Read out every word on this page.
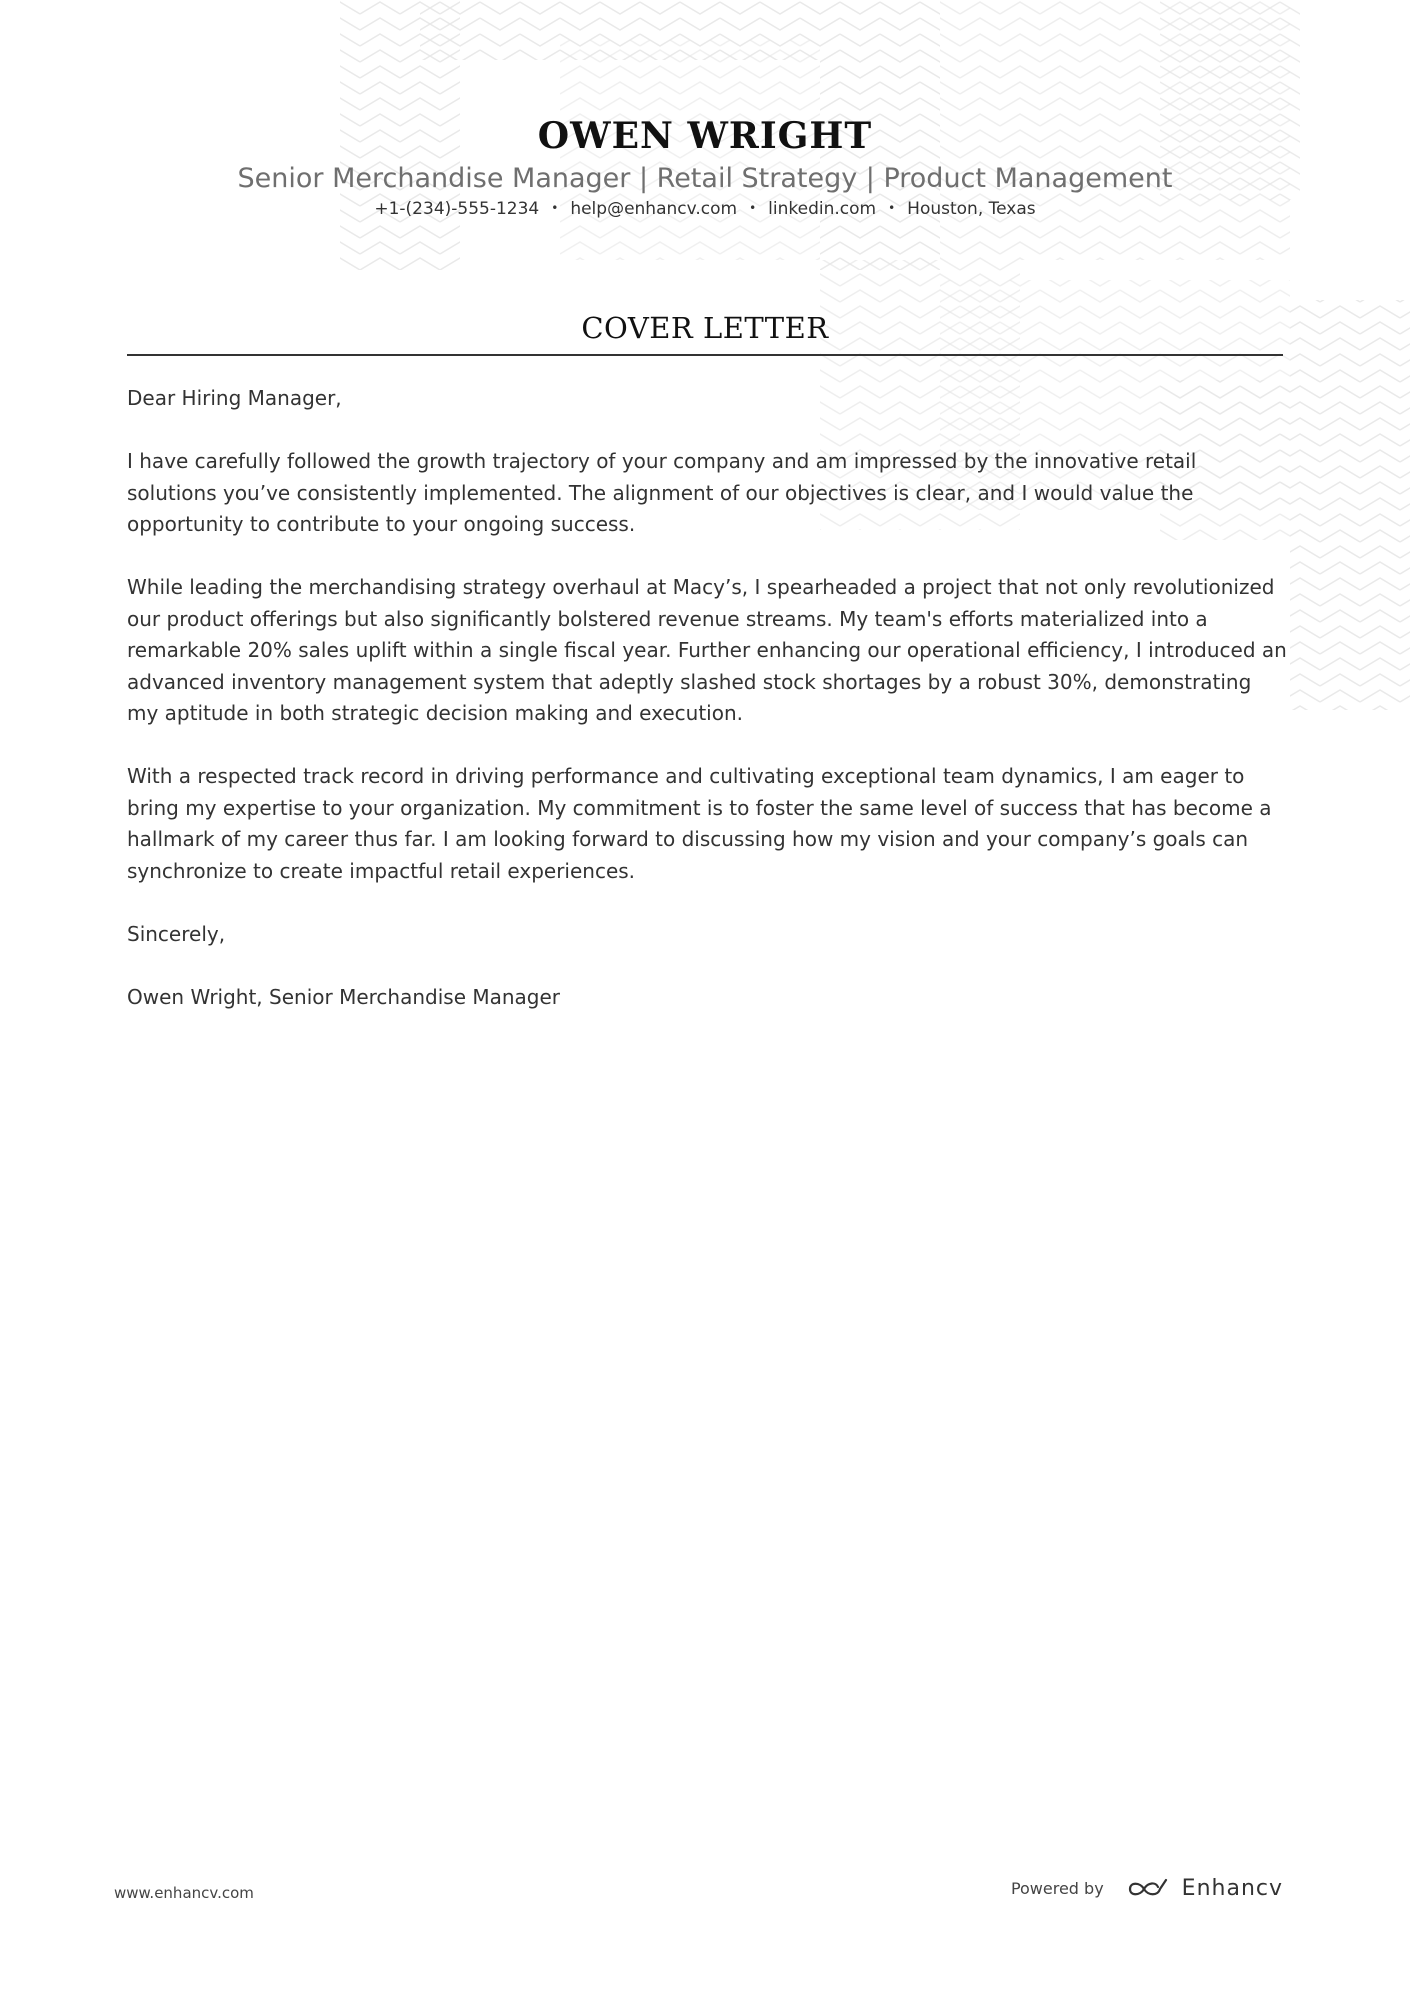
OWEN WRIGHT
Senior Merchandise Manager | Retail Strategy | Product Management
+1-(234)-555-1234 • help@enhancv.com • linkedin.com • Houston, Texas
COVER LETTER

Dear Hiring Manager,

I have carefully followed the growth trajectory of your company and am impressed by the innovative retail solutions you’ve consistently implemented. The alignment of our objectives is clear, and I would value the opportunity to contribute to your ongoing success.

While leading the merchandising strategy overhaul at Macy’s, I spearheaded a project that not only revolutionized our product offerings but also significantly bolstered revenue streams. My team's efforts materialized into a remarkable 20% sales uplift within a single fiscal year. Further enhancing our operational efficiency, I introduced an advanced inventory management system that adeptly slashed stock shortages by a robust 30%, demonstrating my aptitude in both strategic decision making and execution.

With a respected track record in driving performance and cultivating exceptional team dynamics, I am eager to bring my expertise to your organization. My commitment is to foster the same level of success that has become a hallmark of my career thus far. I am looking forward to discussing how my vision and your company’s goals can synchronize to create impactful retail experiences.

Sincerely,

Owen Wright, Senior Merchandise Manager

www.enhancv.com	Powered by	Enhancv
